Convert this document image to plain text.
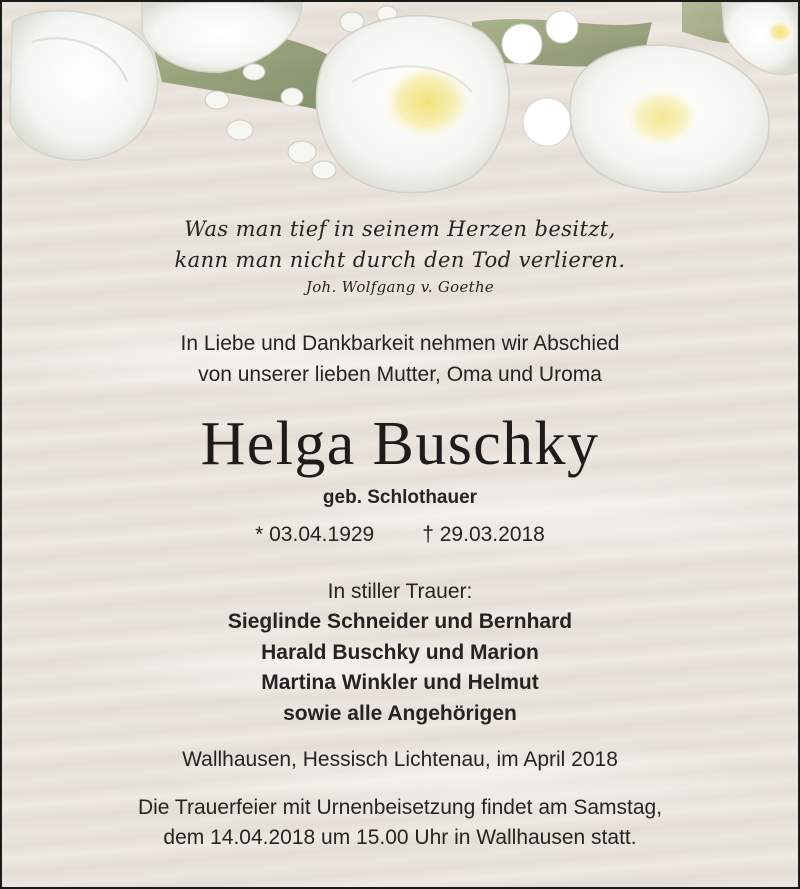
Was man tief in seinem Herzen besitzt,
kann man nicht durch den Tod verlieren.
Joh. Wolfgang v. Goethe
In Liebe und Dankbarkeit nehmen wir Abschied
von unserer lieben Mutter, Oma und Uroma
Helga Buschky
geb. Schlothauer
* 03.04.1929 † 29.03.2018
In stiller Trauer:
Sieglinde Schneider und Bernhard
Harald Buschky und Marion
Martina Winkler und Helmut
sowie alle Angehörigen
Wallhausen, Hessisch Lichtenau, im April 2018
Die Trauerfeier mit Urnenbeisetzung findet am Samstag,
dem 14.04.2018 um 15.00 Uhr in Wallhausen statt.
